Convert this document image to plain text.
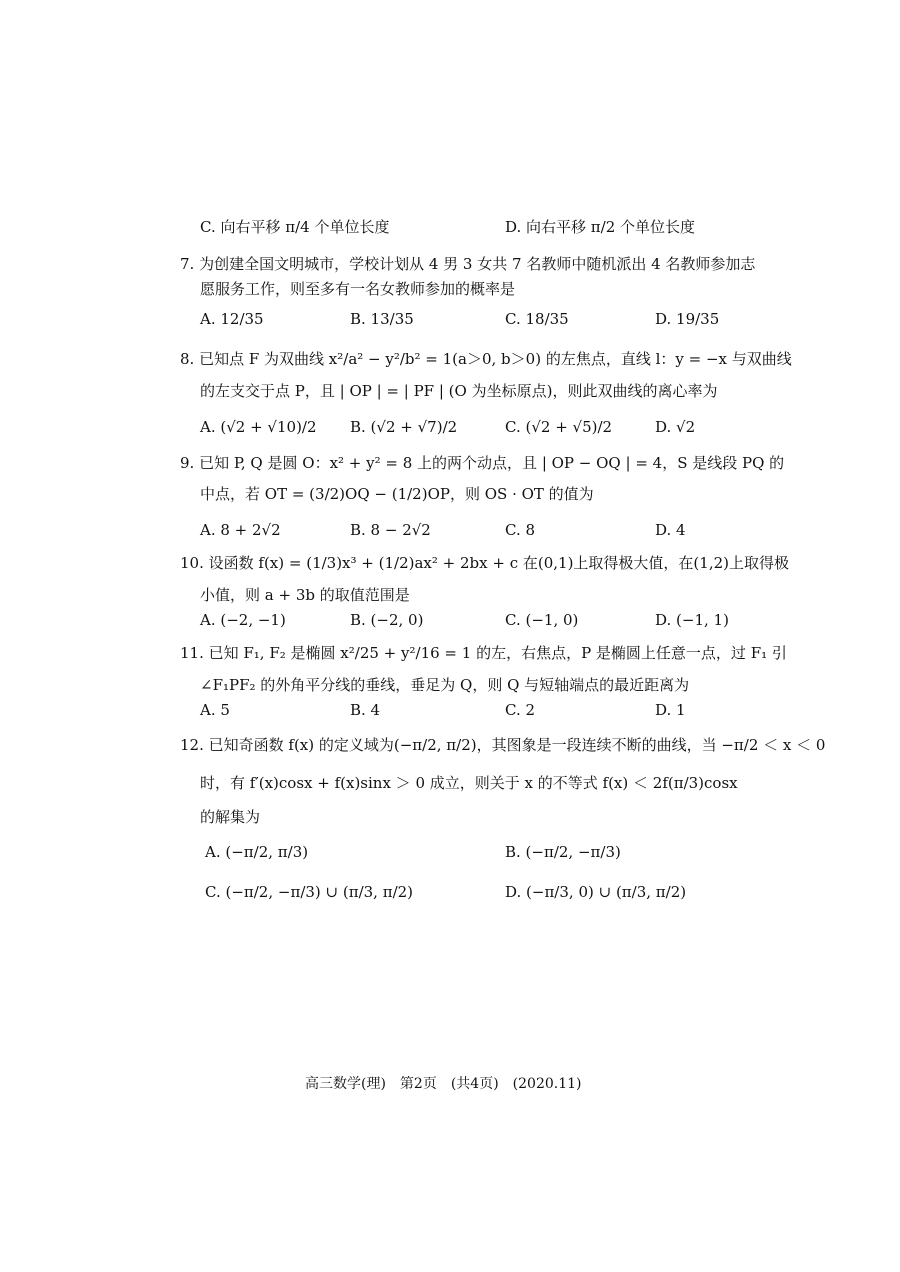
C. 向右平移 π/4 个单位长度	D. 向右平移 π/2 个单位长度
7. 为创建全国文明城市，学校计划从 4 男 3 女共 7 名教师中随机派出 4 名教师参加志
愿服务工作，则至多有一名女教师参加的概率是
A. 12/35	B. 13/35	C. 18/35	D. 19/35
8. 已知点 F 为双曲线 x²/a² − y²/b² = 1(a＞0, b＞0) 的左焦点，直线 l：y = −x 与双曲线
的左支交于点 P，且 | OP | = | PF | (O 为坐标原点)，则此双曲线的离心率为
A. (√2 + √10)/2 B. (√2 + √7)/2	C. (√2 + √5)/2	D. √2
9. 已知 P, Q 是圆 O：x² + y² = 8 上的两个动点，且 | OP − OQ | = 4，S 是线段 PQ 的
中点，若 OT = (3/2)OQ − (1/2)OP，则 OS · OT 的值为
A. 8 + 2√2	B. 8 − 2√2	C. 8	D. 4
10. 设函数 f(x) = (1/3)x³ + (1/2)ax² + 2bx + c 在(0,1)上取得极大值，在(1,2)上取得极
小值，则 a + 3b 的取值范围是
A. (−2, −1)	B. (−2, 0)	C. (−1, 0)	D. (−1, 1)
11. 已知 F₁, F₂ 是椭圆 x²/25 + y²/16 = 1 的左，右焦点，P 是椭圆上任意一点，过 F₁ 引
∠F₁PF₂ 的外角平分线的垂线，垂足为 Q，则 Q 与短轴端点的最近距离为
A. 5	B. 4	C. 2	D. 1
12. 已知奇函数 f(x) 的定义域为(−π/2, π/2)，其图象是一段连续不断的曲线，当 −π/2 ＜ x ＜ 0
时，有 f′(x)cosx + f(x)sinx ＞ 0 成立，则关于 x 的不等式 f(x) ＜ 2f(π/3)cosx
的解集为
A. (−π/2, π/3)	B. (−π/2, −π/3)
C. (−π/2, −π/3) ∪ (π/3, π/2)	D. (−π/3, 0) ∪ (π/3, π/2)
高三数学(理)　第2页　(共4页)　(2020.11)
